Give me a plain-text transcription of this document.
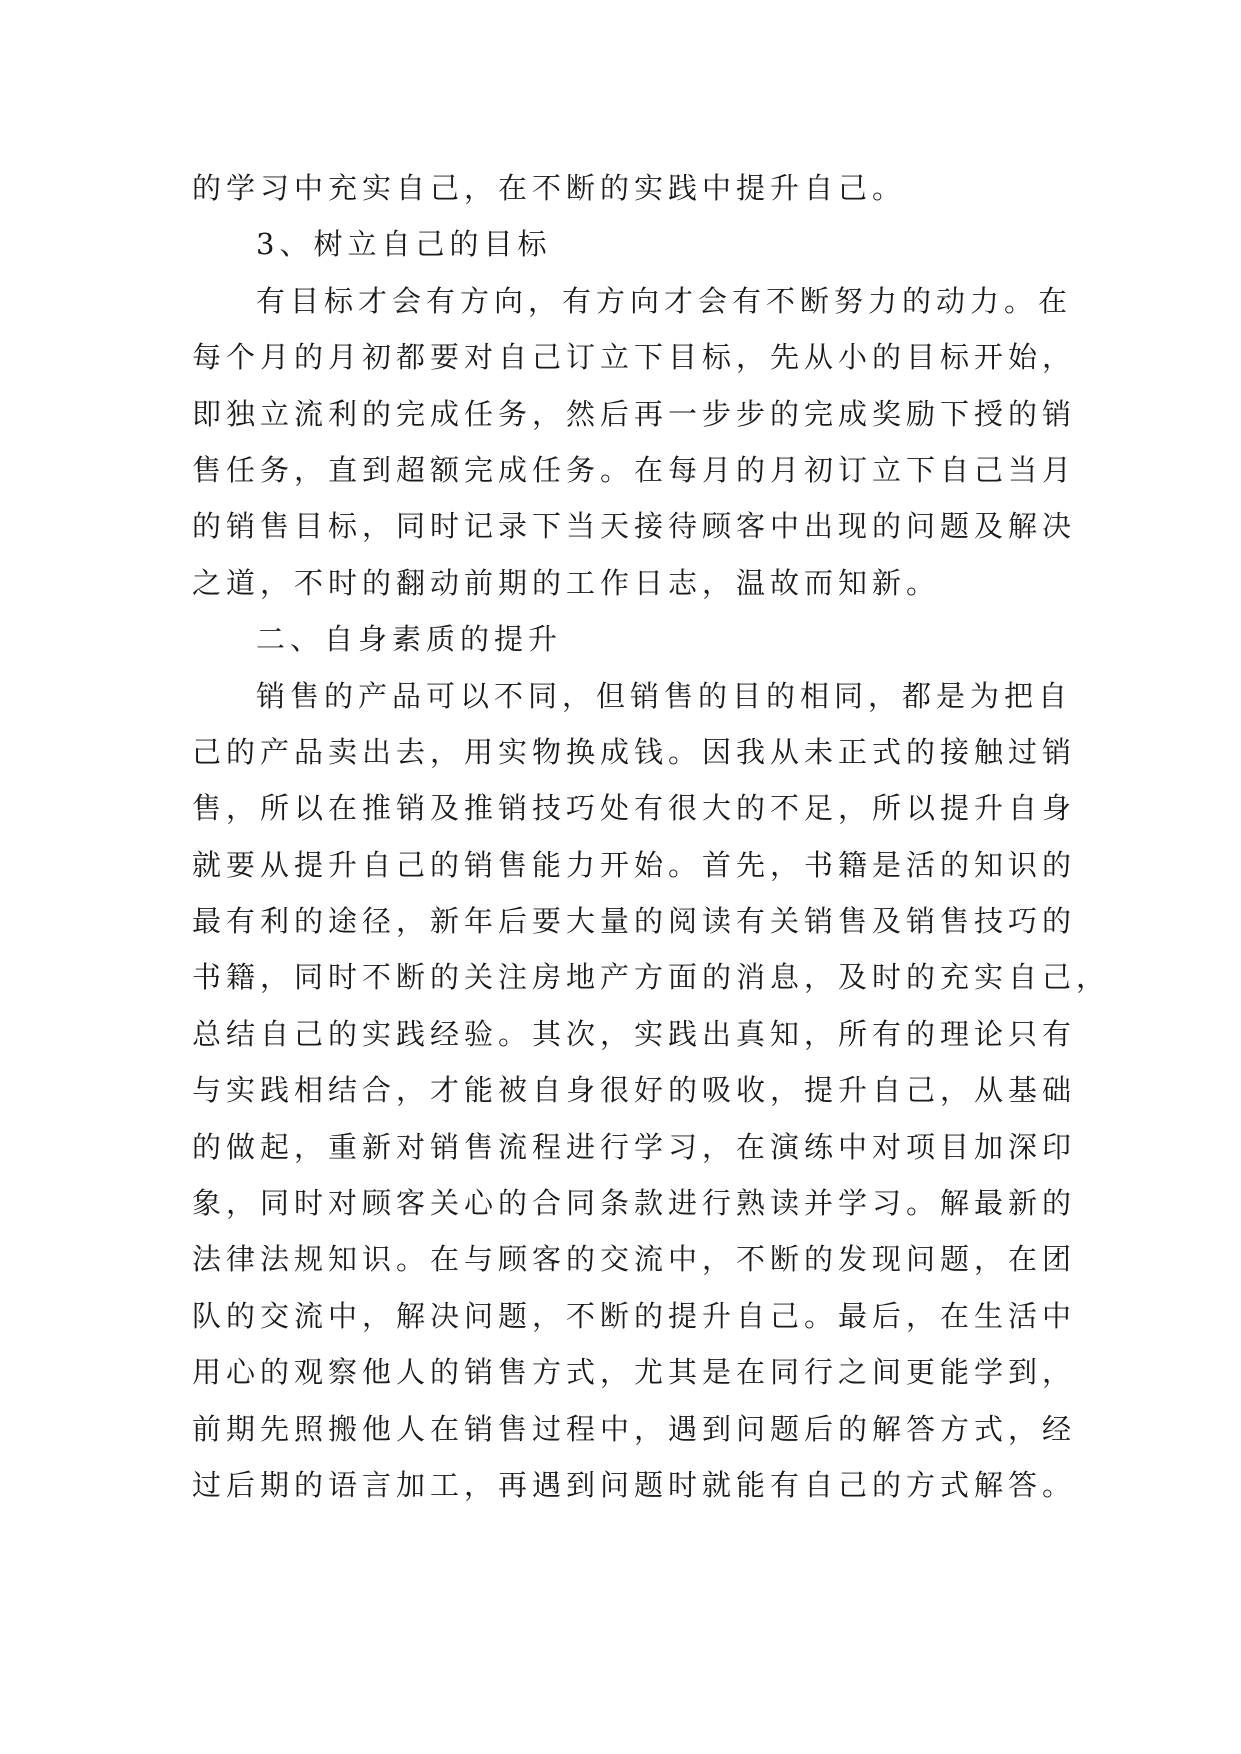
的学习中充实自己，在不断的实践中提升自己。
3、树立自己的目标
有目标才会有方向，有方向才会有不断努力的动力。在
每个月的月初都要对自己订立下目标，先从小的目标开始，
即独立流利的完成任务，然后再一步步的完成奖励下授的销
售任务，直到超额完成任务。在每月的月初订立下自己当月
的销售目标，同时记录下当天接待顾客中出现的问题及解决
之道，不时的翻动前期的工作日志，温故而知新。
二、自身素质的提升
销售的产品可以不同，但销售的目的相同，都是为把自
己的产品卖出去，用实物换成钱。因我从未正式的接触过销
售，所以在推销及推销技巧处有很大的不足，所以提升自身
就要从提升自己的销售能力开始。首先，书籍是活的知识的
最有利的途径，新年后要大量的阅读有关销售及销售技巧的
书籍，同时不断的关注房地产方面的消息，及时的充实自己，
总结自己的实践经验。其次，实践出真知，所有的理论只有
与实践相结合，才能被自身很好的吸收，提升自己，从基础
的做起，重新对销售流程进行学习，在演练中对项目加深印
象，同时对顾客关心的合同条款进行熟读并学习。解最新的
法律法规知识。在与顾客的交流中，不断的发现问题，在团
队的交流中，解决问题，不断的提升自己。最后，在生活中
用心的观察他人的销售方式，尤其是在同行之间更能学到，
前期先照搬他人在销售过程中，遇到问题后的解答方式，经
过后期的语言加工，再遇到问题时就能有自己的方式解答。
